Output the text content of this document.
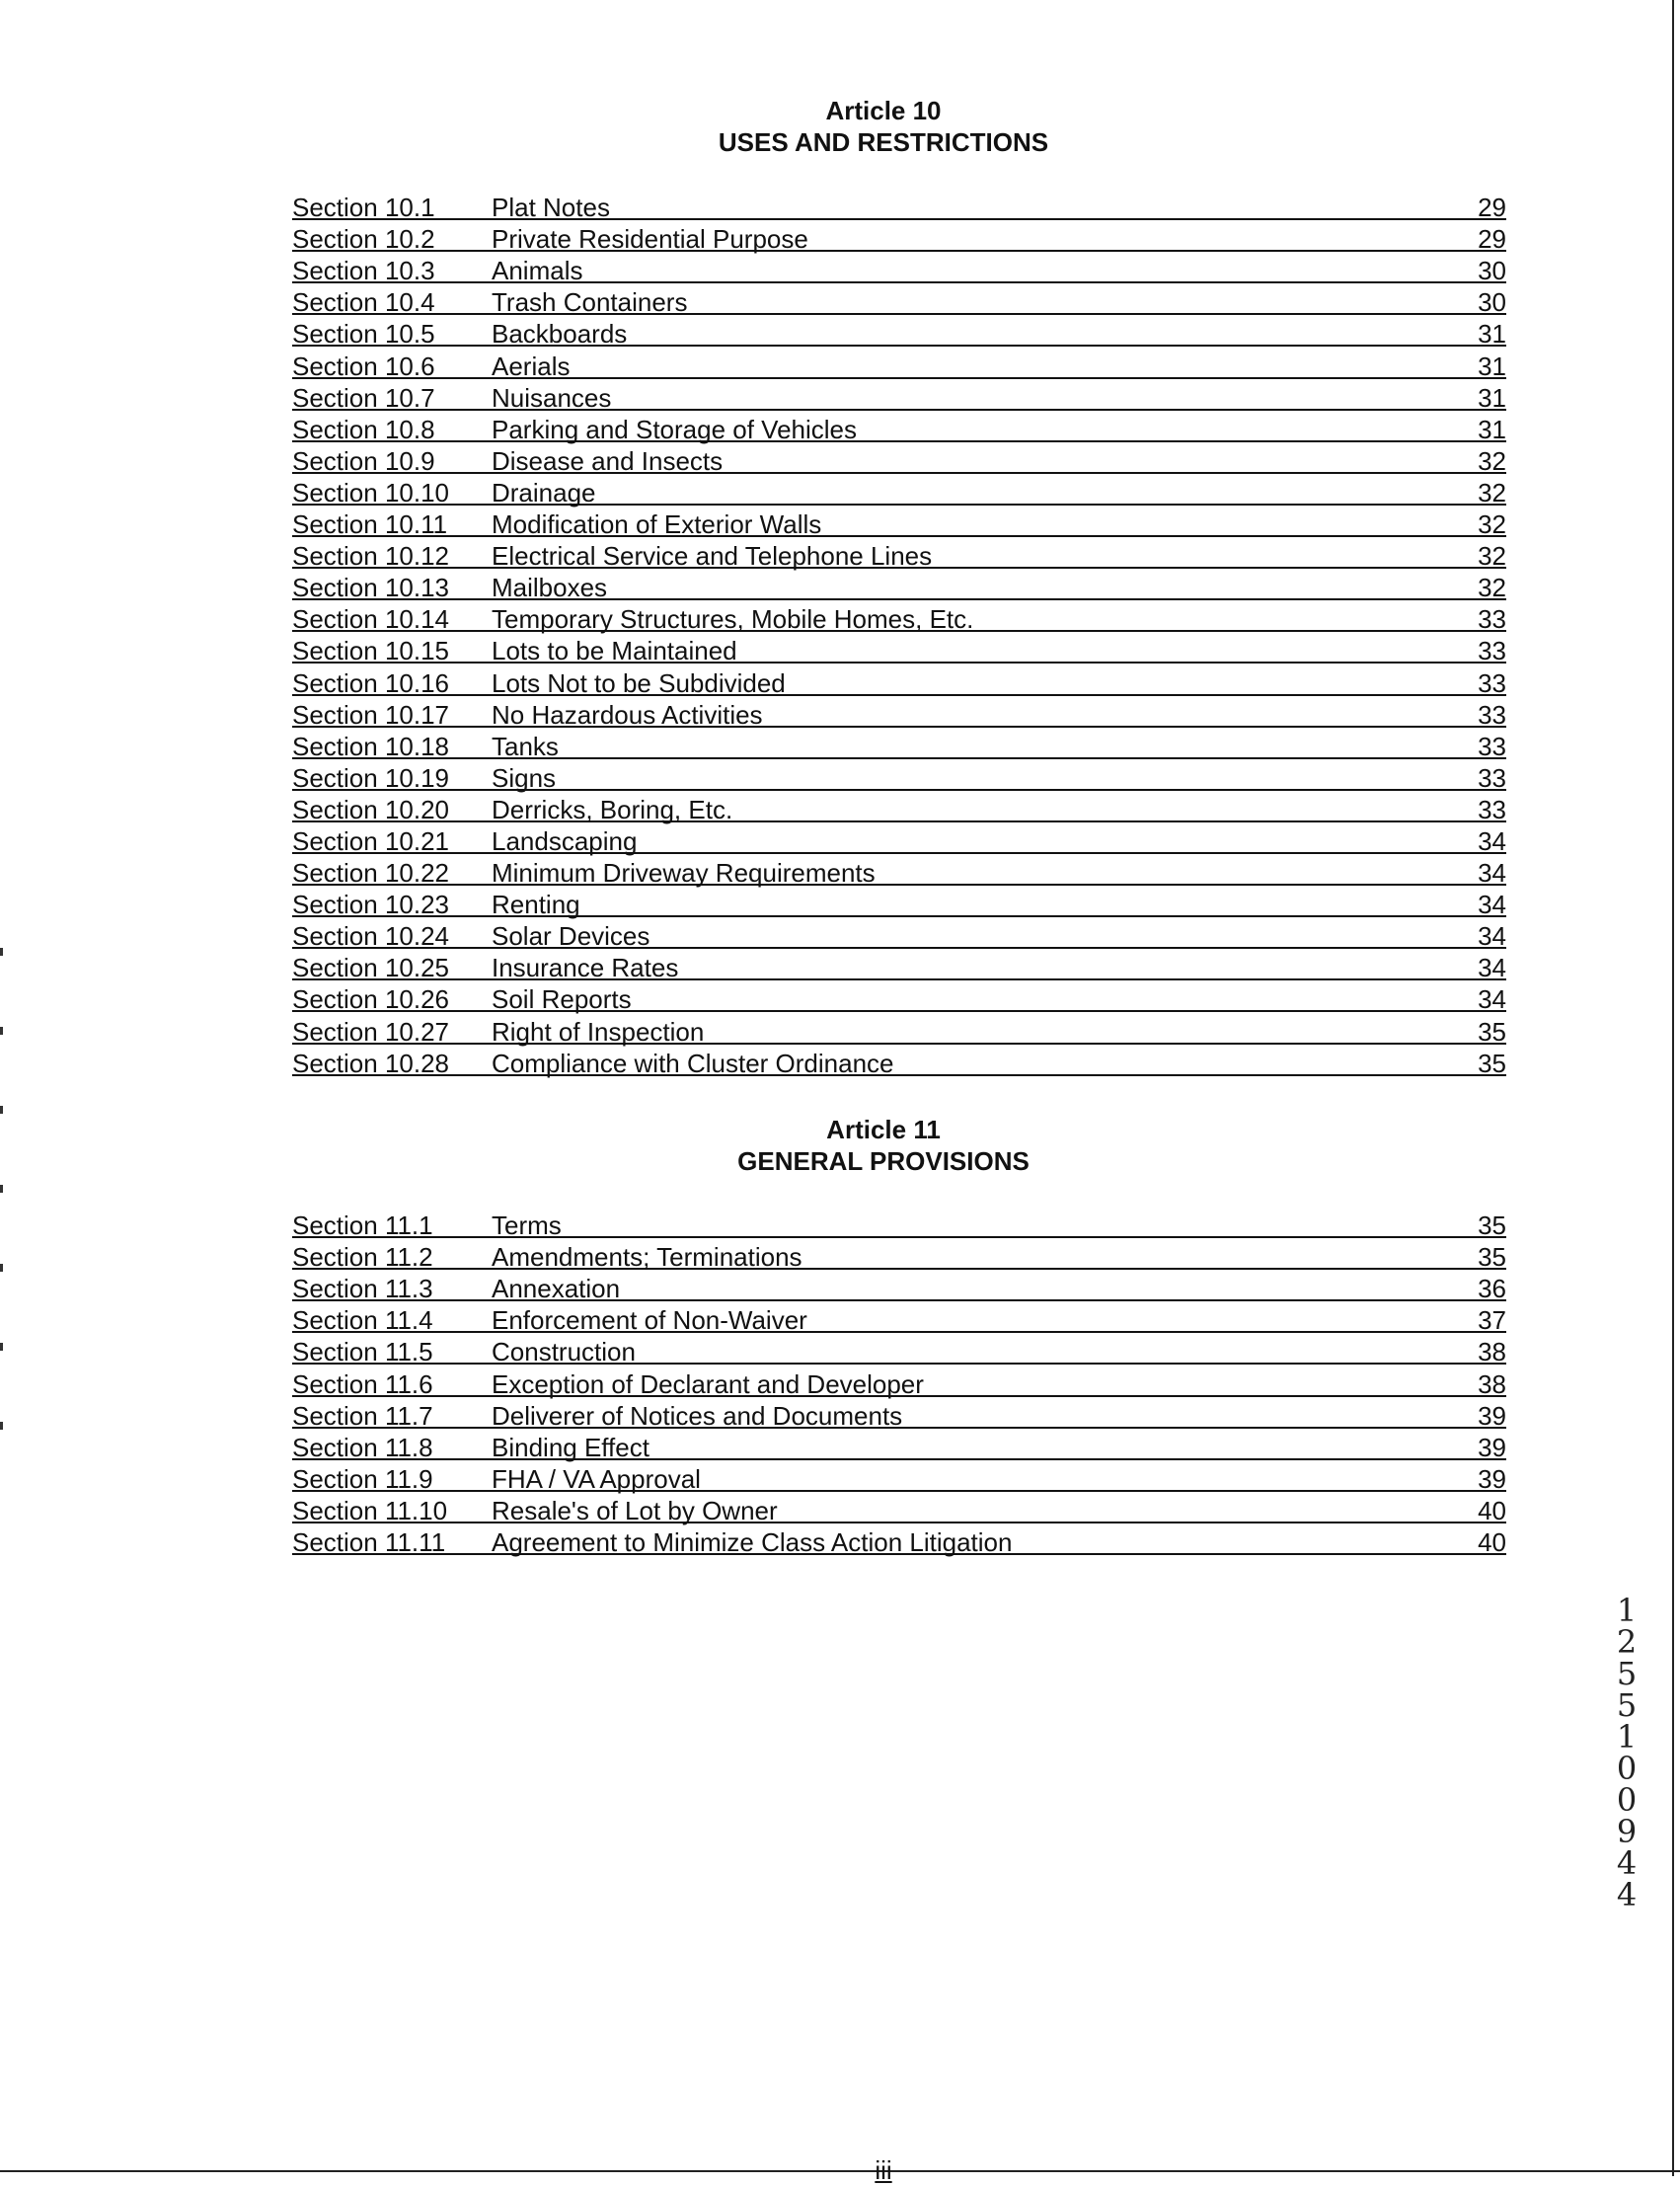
Article 10
USES AND RESTRICTIONS
Section 10.1 Plat Notes	29
Section 10.2 Private Residential Purpose	29
Section 10.3 Animals	30
Section 10.4 Trash Containers	30
Section 10.5 Backboards	31
Section 10.6 Aerials	31
Section 10.7 Nuisances	31
Section 10.8 Parking and Storage of Vehicles	31
Section 10.9 Disease and Insects	32
Section 10.10 Drainage	32
Section 10.11 Modification of Exterior Walls	32
Section 10.12 Electrical Service and Telephone Lines	32
Section 10.13 Mailboxes	32
Section 10.14 Temporary Structures, Mobile Homes, Etc.	33
Section 10.15 Lots to be Maintained	33
Section 10.16 Lots Not to be Subdivided	33
Section 10.17 No Hazardous Activities	33
Section 10.18 Tanks	33
Section 10.19 Signs	33
Section 10.20 Derricks, Boring, Etc.	33
Section 10.21 Landscaping	34
Section 10.22 Minimum Driveway Requirements	34
Section 10.23 Renting	34
Section 10.24 Solar Devices	34
Section 10.25 Insurance Rates	34
Section 10.26 Soil Reports	34
Section 10.27 Right of Inspection	35
Section 10.28 Compliance with Cluster Ordinance	35
Article 11
GENERAL PROVISIONS
Section 11.1 Terms	35
Section 11.2 Amendments; Terminations	35
Section 11.3 Annexation	36
Section 11.4 Enforcement of Non-Waiver	37
Section 11.5 Construction	38
Section 11.6 Exception of Declarant and Developer	38
Section 11.7 Deliverer of Notices and Documents	39
Section 11.8 Binding Effect	39
Section 11.9 FHA / VA Approval	39
Section 11.10 Resale's of Lot by Owner	40
Section 11.11 Agreement to Minimize Class Action Litigation	40
12551 00944
iii
